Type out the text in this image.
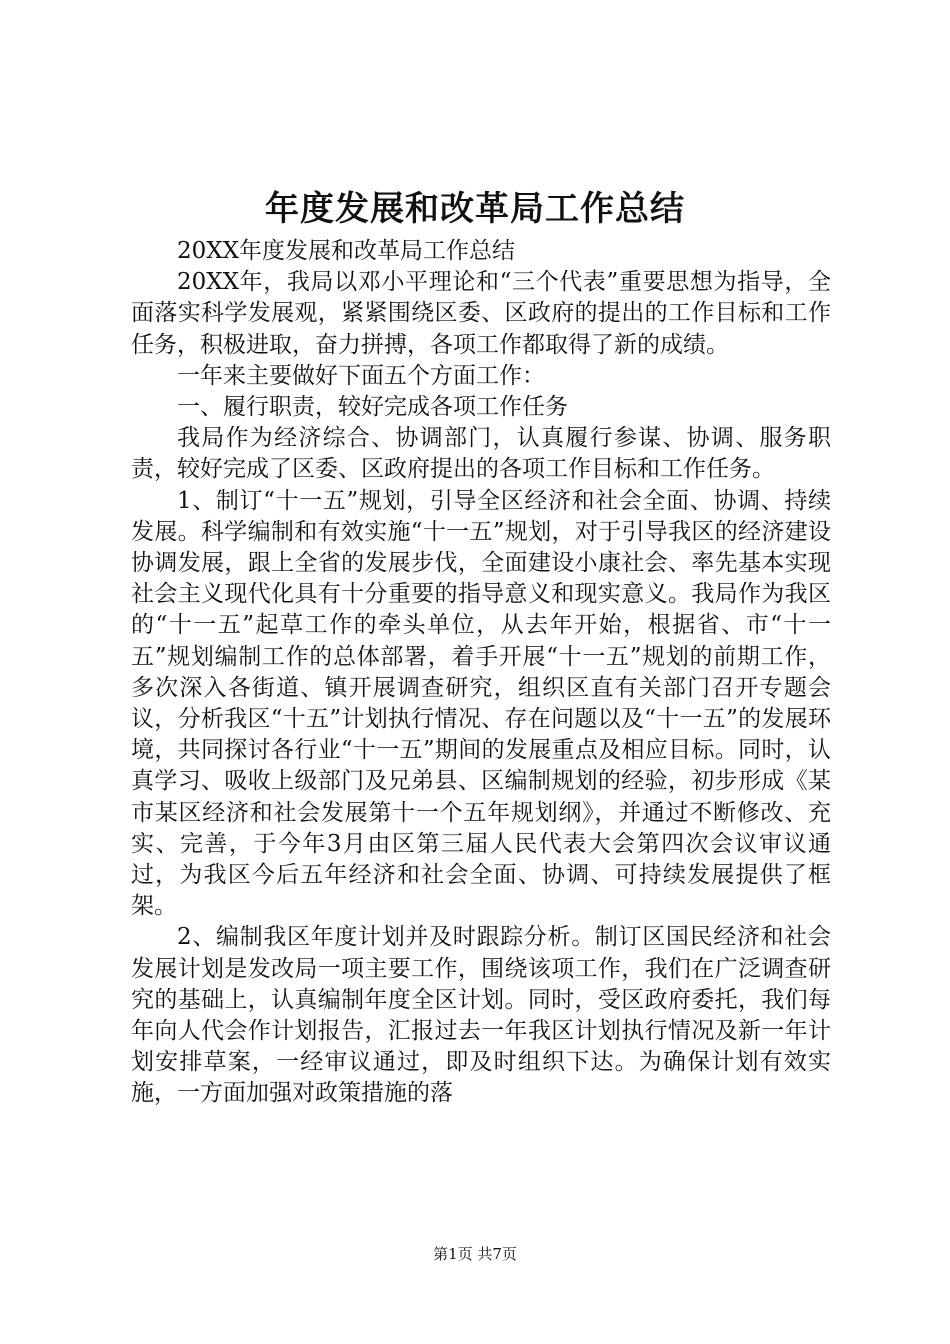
年度发展和改革局工作总结

20XX年度发展和改革局工作总结

20XX年，我局以邓小平理论和“三个代表”重要思想为指导，全面落实科学发展观，紧紧围绕区委、区政府的提出的工作目标和工作任务，积极进取，奋力拼搏，各项工作都取得了新的成绩。

一年来主要做好下面五个方面工作：

一、履行职责，较好完成各项工作任务

我局作为经济综合、协调部门，认真履行参谋、协调、服务职责，较好完成了区委、区政府提出的各项工作目标和工作任务。

1、制订“十一五”规划，引导全区经济和社会全面、协调、持续发展。科学编制和有效实施“十一五”规划，对于引导我区的经济建设协调发展，跟上全省的发展步伐，全面建设小康社会、率先基本实现社会主义现代化具有十分重要的指导意义和现实意义。我局作为我区的“十一五”起草工作的牵头单位，从去年开始，根据省、市“十一五”规划编制工作的总体部署，着手开展“十一五”规划的前期工作，多次深入各街道、镇开展调查研究，组织区直有关部门召开专题会议，分析我区“十五”计划执行情况、存在问题以及“十一五”的发展环境，共同探讨各行业“十一五”期间的发展重点及相应目标。同时，认真学习、吸收上级部门及兄弟县、区编制规划的经验，初步形成《某市某区经济和社会发展第十一个五年规划纲》，并通过不断修改、充实、完善，于今年3月由区第三届人民代表大会第四次会议审议通过，为我区今后五年经济和社会全面、协调、可持续发展提供了框架。

2、编制我区年度计划并及时跟踪分析。制订区国民经济和社会发展计划是发改局一项主要工作，围绕该项工作，我们在广泛调查研究的基础上，认真编制年度全区计划。同时，受区政府委托，我们每年向人代会作计划报告，汇报过去一年我区计划执行情况及新一年计划安排草案，一经审议通过，即及时组织下达。为确保计划有效实施，一方面加强对政策措施的落

第1页 共7页
